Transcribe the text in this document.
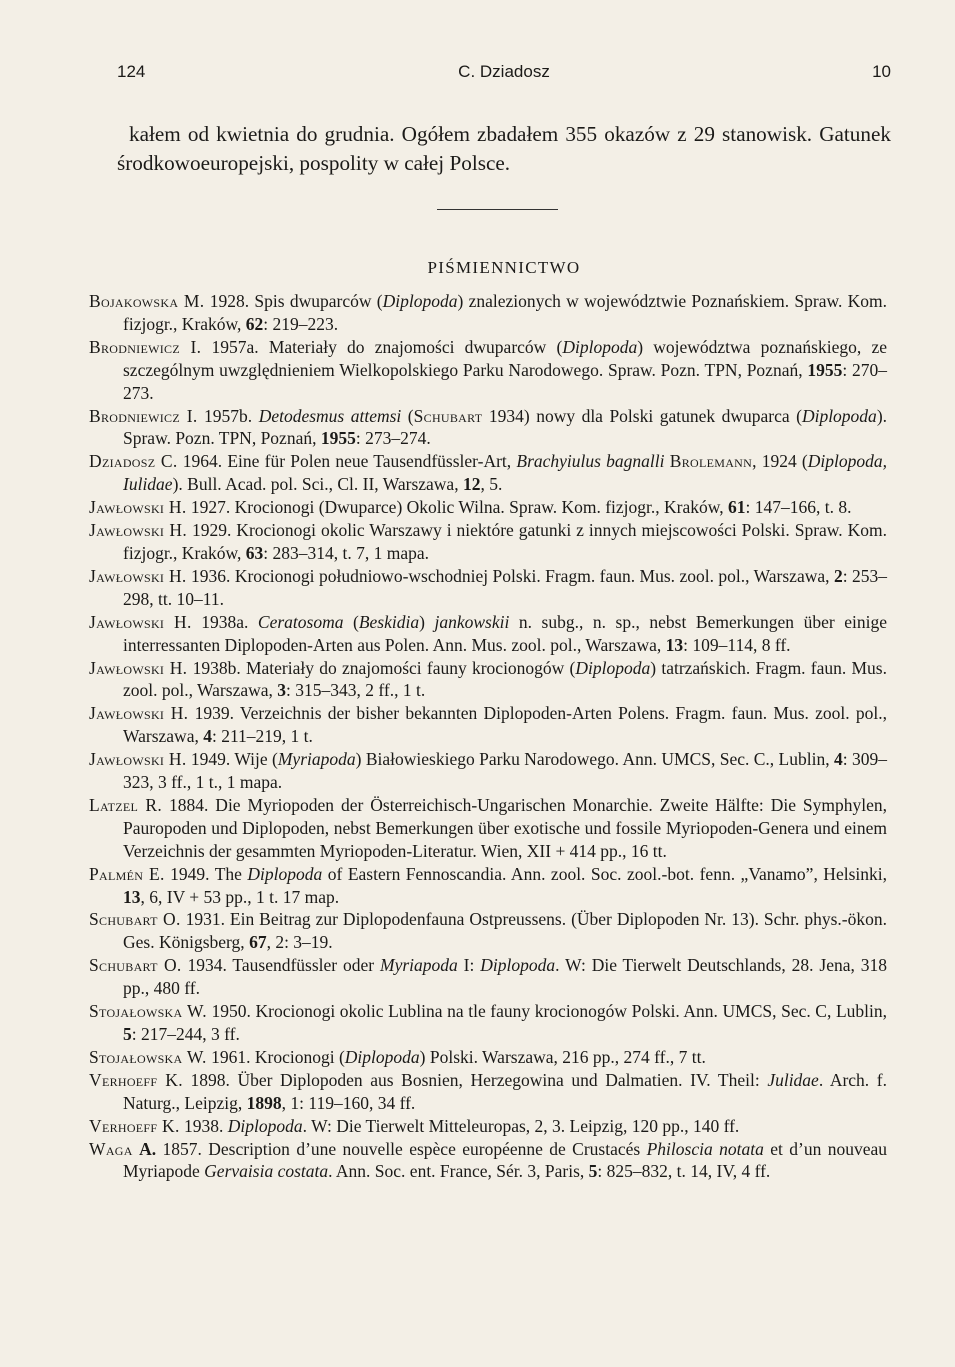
124	C. Dziadosz	10

kałem od kwietnia do grudnia. Ogółem zbadałem 355 okazów z 29 stanowisk. Gatunek środkowoeuropejski, pospolity w całej Polsce.

PIŚMIENNICTWO
Bojakowska M. 1928. Spis dwuparców (Diplopoda) znalezionych w województwie Poznańskiem. Spraw. Kom. fizjogr., Kraków, 62: 219–223.
Brodniewicz I. 1957a. Materiały do znajomości dwuparców (Diplopoda) województwa poznańskiego, ze szczególnym uwzględnieniem Wielkopolskiego Parku Narodowego. Spraw. Pozn. TPN, Poznań, 1955: 270–273.
Brodniewicz I. 1957b. Detodesmus attemsi (Schubart 1934) nowy dla Polski gatunek dwuparca (Diplopoda). Spraw. Pozn. TPN, Poznań, 1955: 273–274.
Dziadosz C. 1964. Eine für Polen neue Tausendfüssler-Art, Brachyiulus bagnalli Brolemann, 1924 (Diplopoda, Iulidae). Bull. Acad. pol. Sci., Cl. II, Warszawa, 12, 5.
Jawłowski H. 1927. Krocionogi (Dwuparce) Okolic Wilna. Spraw. Kom. fizjogr., Kraków, 61: 147–166, t. 8.
Jawłowski H. 1929. Krocionogi okolic Warszawy i niektóre gatunki z innych miejscowości Polski. Spraw. Kom. fizjogr., Kraków, 63: 283–314, t. 7, 1 mapa.
Jawłowski H. 1936. Krocionogi południowo-wschodniej Polski. Fragm. faun. Mus. zool. pol., Warszawa, 2: 253–298, tt. 10–11.
Jawłowski H. 1938a. Ceratosoma (Beskidia) jankowskii n. subg., n. sp., nebst Bemerkungen über einige interressanten Diplopoden-Arten aus Polen. Ann. Mus. zool. pol., Warszawa, 13: 109–114, 8 ff.
Jawłowski H. 1938b. Materiały do znajomości fauny krocionogów (Diplopoda) tatrzańskich. Fragm. faun. Mus. zool. pol., Warszawa, 3: 315–343, 2 ff., 1 t.
Jawłowski H. 1939. Verzeichnis der bisher bekannten Diplopoden-Arten Polens. Fragm. faun. Mus. zool. pol., Warszawa, 4: 211–219, 1 t.
Jawłowski H. 1949. Wije (Myriapoda) Białowieskiego Parku Narodowego. Ann. UMCS, Sec. C., Lublin, 4: 309–323, 3 ff., 1 t., 1 mapa.
Latzel R. 1884. Die Myriopoden der Österreichisch-Ungarischen Monarchie. Zweite Hälfte: Die Symphylen, Pauropoden und Diplopoden, nebst Bemerkungen über exotische und fossile Myriopoden-Genera und einem Verzeichnis der gesammten Myriopoden-Literatur. Wien, XII + 414 pp., 16 tt.
Palmén E. 1949. The Diplopoda of Eastern Fennoscandia. Ann. zool. Soc. zool.-bot. fenn. „Vanamo”, Helsinki, 13, 6, IV + 53 pp., 1 t. 17 map.
Schubart O. 1931. Ein Beitrag zur Diplopodenfauna Ostpreussens. (Über Diplopoden Nr. 13). Schr. phys.-ökon. Ges. Königsberg, 67, 2: 3–19.
Schubart O. 1934. Tausendfüssler oder Myriapoda I: Diplopoda. W: Die Tierwelt Deutschlands, 28. Jena, 318 pp., 480 ff.
Stojałowska W. 1950. Krocionogi okolic Lublina na tle fauny krocionogów Polski. Ann. UMCS, Sec. C, Lublin, 5: 217–244, 3 ff.
Stojałowska W. 1961. Krocionogi (Diplopoda) Polski. Warszawa, 216 pp., 274 ff., 7 tt.
Verhoeff K. 1898. Über Diplopoden aus Bosnien, Herzegowina und Dalmatien. IV. Theil: Julidae. Arch. f. Naturg., Leipzig, 1898, 1: 119–160, 34 ff.
Verhoeff K. 1938. Diplopoda. W: Die Tierwelt Mitteleuropas, 2, 3. Leipzig, 120 pp., 140 ff.
Waga A. 1857. Description d’une nouvelle espèce européenne de Crustacés Philoscia notata et d’un nouveau Myriapode Gervaisia costata. Ann. Soc. ent. France, Sér. 3, Paris, 5: 825–832, t. 14, IV, 4 ff.
